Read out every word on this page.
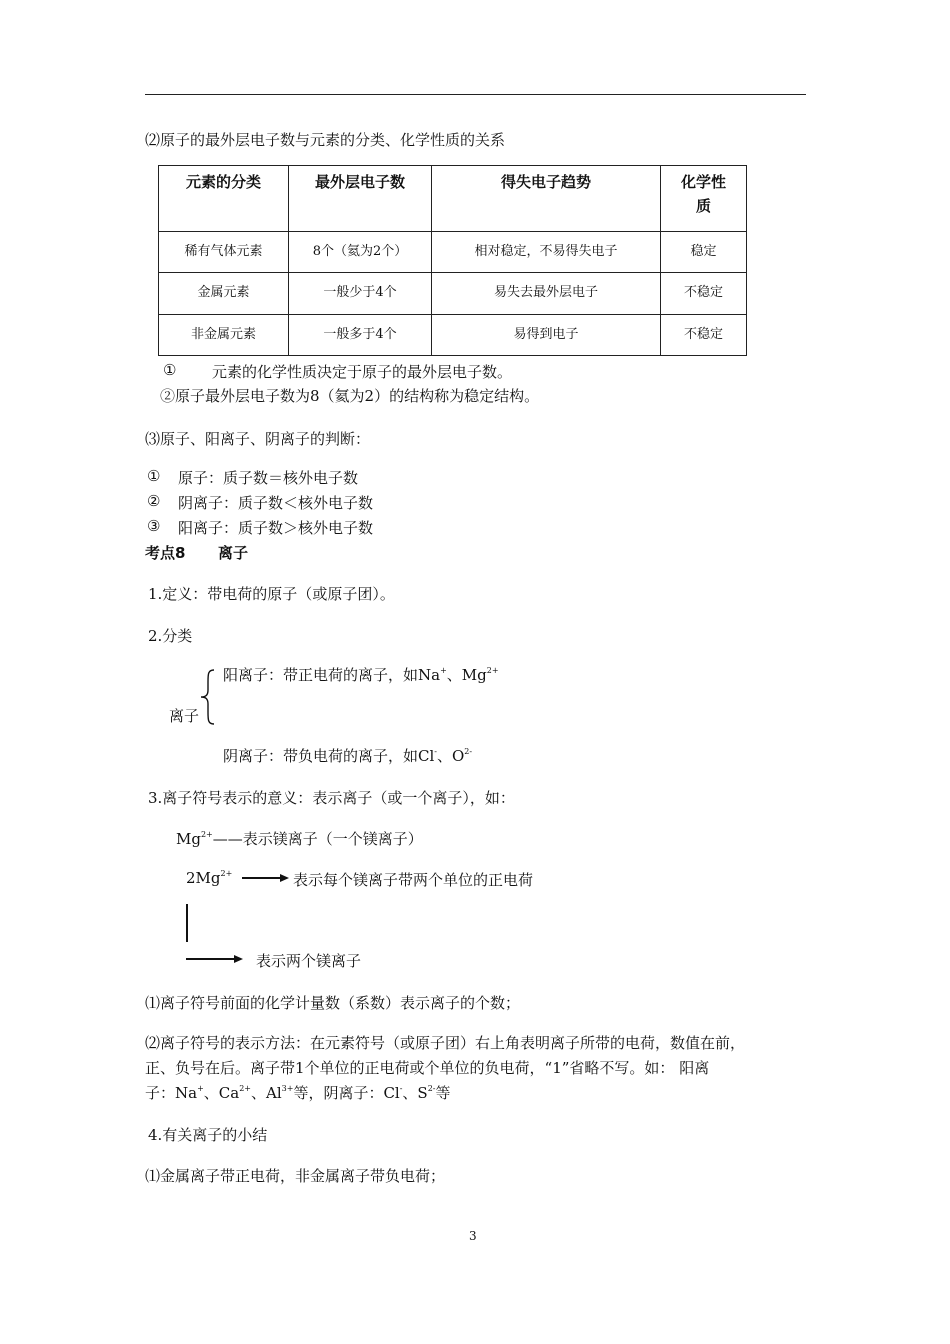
⑵原子的最外层电子数与元素的分类、化学性质的关系
元素的分类	最外层电子数	得失电子趋势	化学性质
稀有气体元素	8个（氦为2个）	相对稳定，不易得失电子	稳定
金属元素	一般少于4个	易失去最外层电子	不稳定
非金属元素	一般多于4个	易得到电子	不稳定
① 元素的化学性质决定于原子的最外层电子数。
②原子最外层电子数为8（氦为2）的结构称为稳定结构。
⑶原子、阳离子、阴离子的判断：
① 原子：质子数＝核外电子数
② 阴离子：质子数＜核外电子数
③ 阳离子：质子数＞核外电子数
考点8 离子
1.定义：带电荷的原子（或原子团）。
2.分类
离子
阳离子：带正电荷的离子，如Na+、$Mg^{2+}$
阴离子：带负电荷的离子，如Cl-、$O^{2-}$
3.离子符号表示的意义：表示离子（或一个离子），如：
$Mg^{2+}——$表示镁离子（一个镁离子）
$2Mg^{2+}$	表示每个镁离子带两个单位的正电荷
表示两个镁离子
⑴离子符号前面的化学计量数（系数）表示离子的个数；
⑵离子符号的表示方法：在元素符号（或原子团）右上角表明离子所带的电荷，数值在前，
正、负号在后。离子带1个单位的正电荷或个单位的负电荷，“1”省略不写。如： 阳离
子：Na+、$Ca^{2+}$、$Al^{3+}$等，阴离子：Cl-、$S^{2-}$等
4.有关离子的小结
⑴金属离子带正电荷，非金属离子带负电荷；
3
